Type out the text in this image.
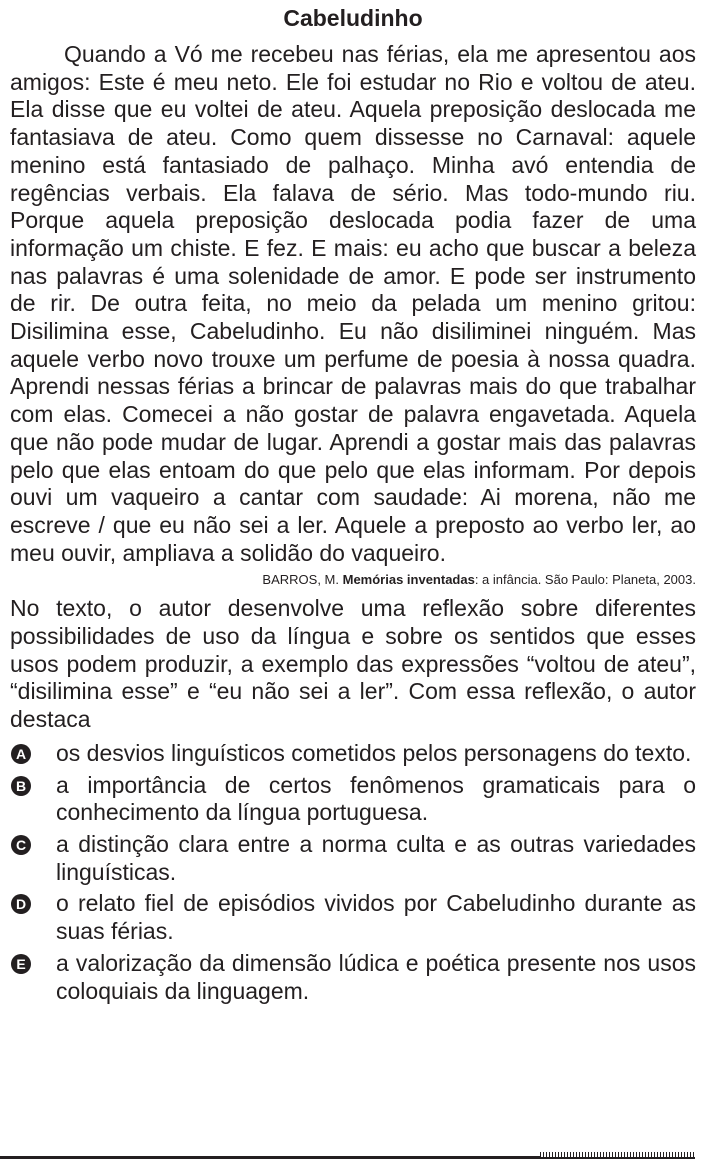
Cabeludinho

Quando a Vó me recebeu nas férias, ela me apresentou aos amigos: Este é meu neto. Ele foi estudar no Rio e voltou de ateu. Ela disse que eu voltei de ateu. Aquela preposição deslocada me fantasiava de ateu. Como quem dissesse no Carnaval: aquele menino está fantasiado de palhaço. Minha avó entendia de regências verbais. Ela falava de sério. Mas todo-mundo riu. Porque aquela preposição deslocada podia fazer de uma informação um chiste. E fez. E mais: eu acho que buscar a beleza nas palavras é uma solenidade de amor. E pode ser instrumento de rir. De outra feita, no meio da pelada um menino gritou: Disilimina esse, Cabeludinho. Eu não disiliminei ninguém. Mas aquele verbo novo trouxe um perfume de poesia à nossa quadra. Aprendi nessas férias a brincar de palavras mais do que trabalhar com elas. Comecei a não gostar de palavra engavetada. Aquela que não pode mudar de lugar. Aprendi a gostar mais das palavras pelo que elas entoam do que pelo que elas informam. Por depois ouvi um vaqueiro a cantar com saudade: Ai morena, não me escreve / que eu não sei a ler. Aquele a preposto ao verbo ler, ao meu ouvir, ampliava a solidão do vaqueiro.

BARROS, M. Memórias inventadas: a infância. São Paulo: Planeta, 2003.

No texto, o autor desenvolve uma reflexão sobre diferentes possibilidades de uso da língua e sobre os sentidos que esses usos podem produzir, a exemplo das expressões “voltou de ateu”, “disilimina esse” e “eu não sei a ler”. Com essa reflexão, o autor destaca

A os desvios linguísticos cometidos pelos personagens do texto.
B a importância de certos fenômenos gramaticais para o conhecimento da língua portuguesa.
C a distinção clara entre a norma culta e as outras variedades linguísticas.
D o relato fiel de episódios vividos por Cabeludinho durante as suas férias.
E a valorização da dimensão lúdica e poética presente nos usos coloquiais da linguagem.
